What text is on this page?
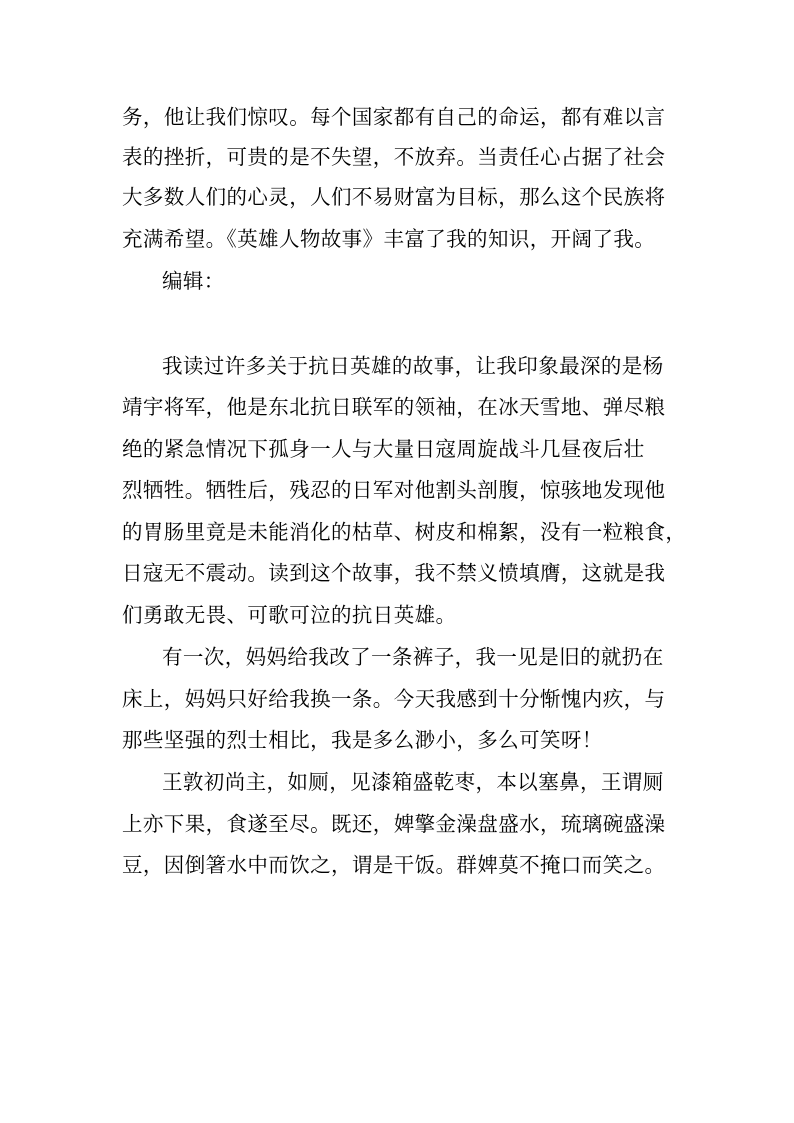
务，他让我们惊叹。每个国家都有自己的命运，都有难以言
表的挫折，可贵的是不失望，不放弃。当责任心占据了社会
大多数人们的心灵，人们不易财富为目标，那么这个民族将
充满希望。《英雄人物故事》丰富了我的知识，开阔了我。
编辑：
我读过许多关于抗日英雄的故事，让我印象最深的是杨
靖宇将军，他是东北抗日联军的领袖，在冰天雪地、弹尽粮
绝的紧急情况下孤身一人与大量日寇周旋战斗几昼夜后壮
烈牺牲。牺牲后，残忍的日军对他割头剖腹，惊骇地发现他
的胃肠里竟是未能消化的枯草、树皮和棉絮，没有一粒粮食，
日寇无不震动。读到这个故事，我不禁义愤填膺，这就是我
们勇敢无畏、可歌可泣的抗日英雄。
有一次，妈妈给我改了一条裤子，我一见是旧的就扔在
床上，妈妈只好给我换一条。今天我感到十分惭愧内疚，与
那些坚强的烈士相比，我是多么渺小，多么可笑呀！
王敦初尚主，如厕，见漆箱盛乾枣，本以塞鼻，王谓厕
上亦下果，食遂至尽。既还，婢擎金澡盘盛水，琉璃碗盛澡
豆，因倒箸水中而饮之，谓是干饭。群婢莫不掩口而笑之。
